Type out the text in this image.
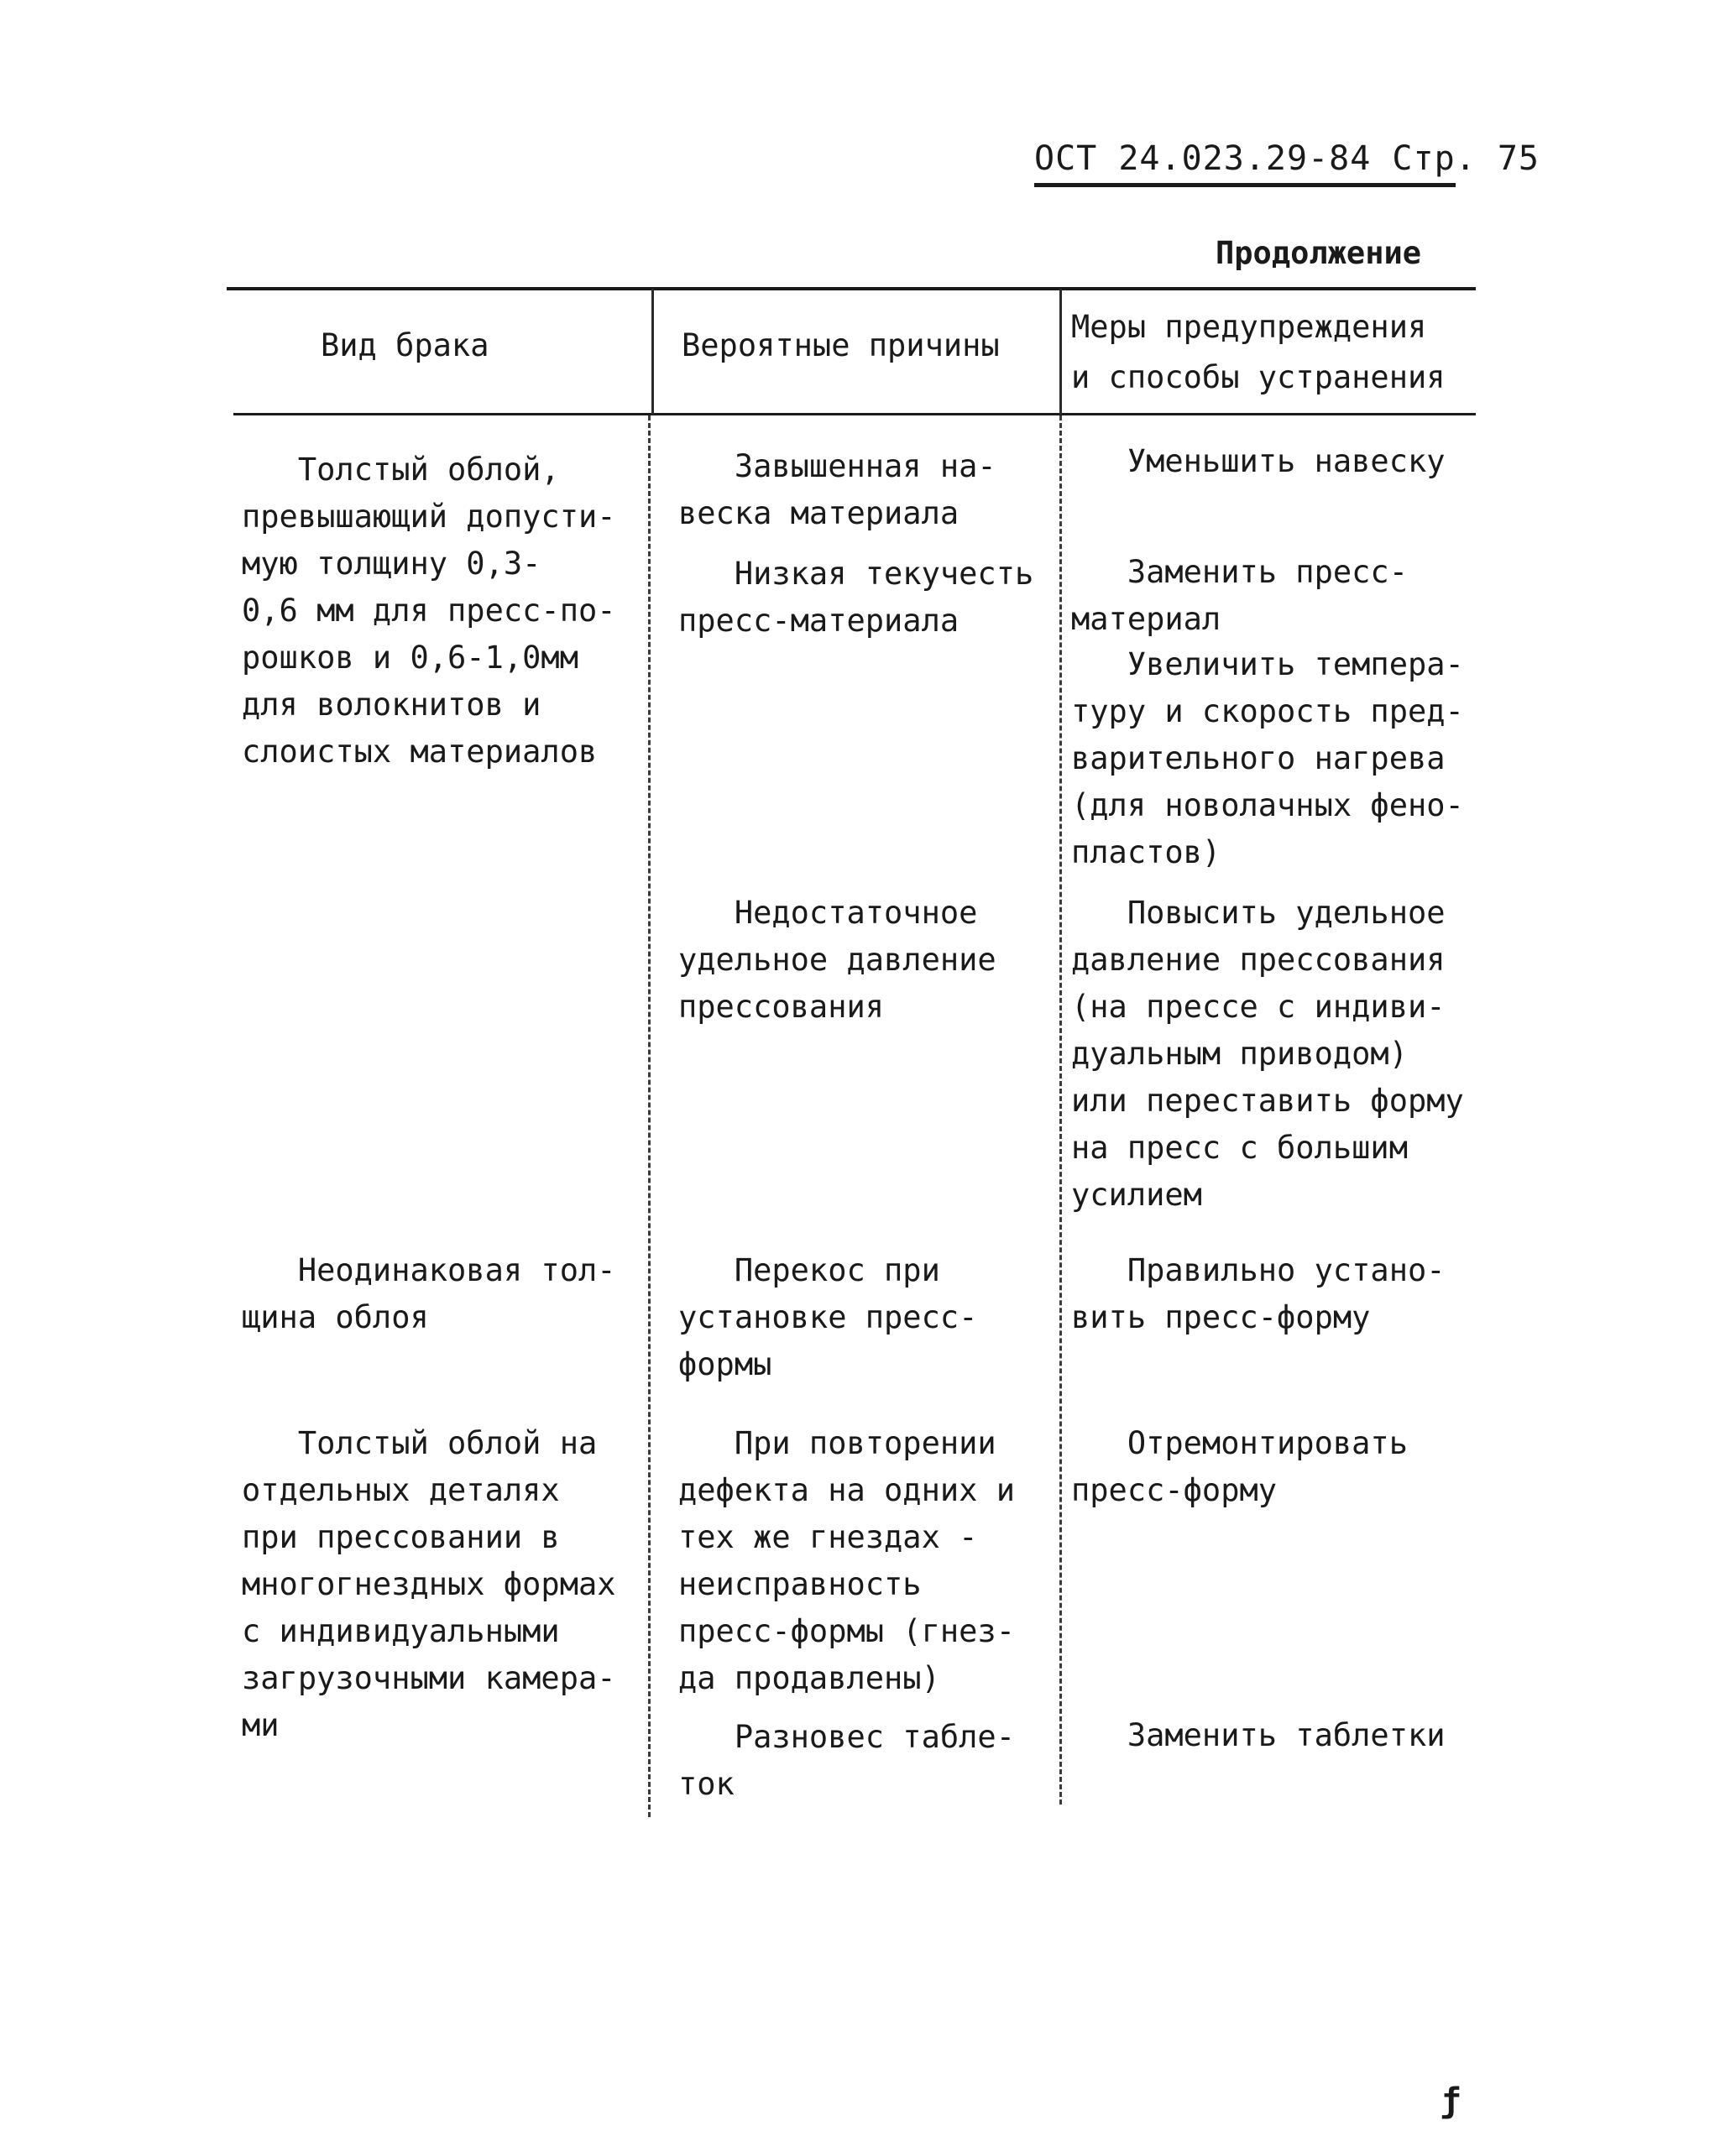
ОСТ 24.023.29-84 Стр. 75
Продолжение
Вид брака	Вероятные причины
Меры предупреждения
и способы устранения
Толстый облой,
превышающий допусти-
мую толщину 0,3-
0,6 мм для пресс-по-
рошков и 0,6-1,0мм
для волокнитов и
слоистых материалов
Завышенная на-
веска материала
Уменьшить навеску
Низкая текучесть
пресс-материала
Заменить пресс-
материал
Увеличить темпера-
туру и скорость пред-
варительного нагрева
(для новолачных фено-
пластов)
Недостаточное
удельное давление
прессования
Повысить удельное
давление прессования
(на прессе с индиви-
дуальным приводом)
или переставить форму
на пресс с большим
усилием
Неодинаковая тол-
щина облоя
Перекос при
установке пресс-
формы
Правильно устано-
вить пресс-форму
Толстый облой на
отдельных деталях
при прессовании в
многогнездных формах
с индивидуальными
загрузочными камера-
ми
При повторении
дефекта на одних и
тех же гнездах -
неисправность
пресс-формы (гнез-
да продавлены)
Отремонтировать
пресс-форму
Разновес таблe-
ток
Заменить таблетки
ƒ
